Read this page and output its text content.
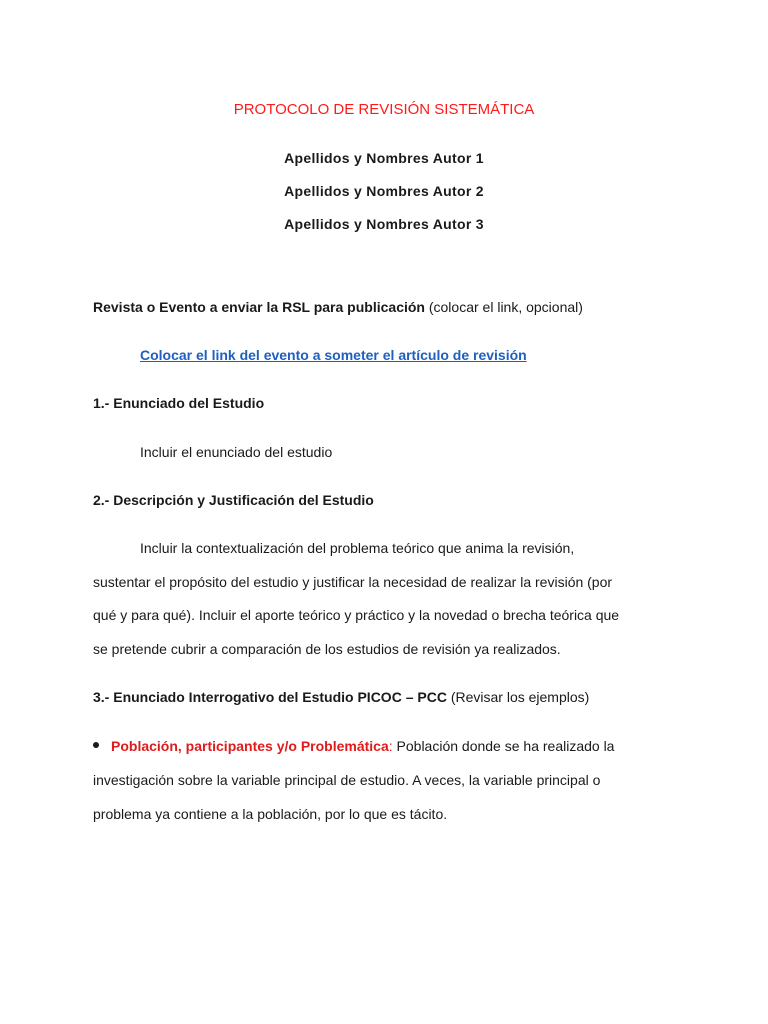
PROTOCOLO DE REVISIÓN SISTEMÁTICA
Apellidos y Nombres Autor 1
Apellidos y Nombres Autor 2
Apellidos y Nombres Autor 3
Revista o Evento a enviar la RSL para publicación (colocar el link, opcional)
Colocar el link del evento a someter el artículo de revisión
1.- Enunciado del Estudio
Incluir el enunciado del estudio
2.- Descripción y Justificación del Estudio
Incluir la contextualización del problema teórico que anima la revisión,
sustentar el propósito del estudio y justificar la necesidad de realizar la revisión (por
qué y para qué). Incluir el aporte teórico y práctico y la novedad o brecha teórica que
se pretende cubrir a comparación de los estudios de revisión ya realizados.
3.- Enunciado Interrogativo del Estudio PICOC – PCC (Revisar los ejemplos)
Población, participantes y/o Problemática: Población donde se ha realizado la
investigación sobre la variable principal de estudio. A veces, la variable principal o
problema ya contiene a la población, por lo que es tácito.
